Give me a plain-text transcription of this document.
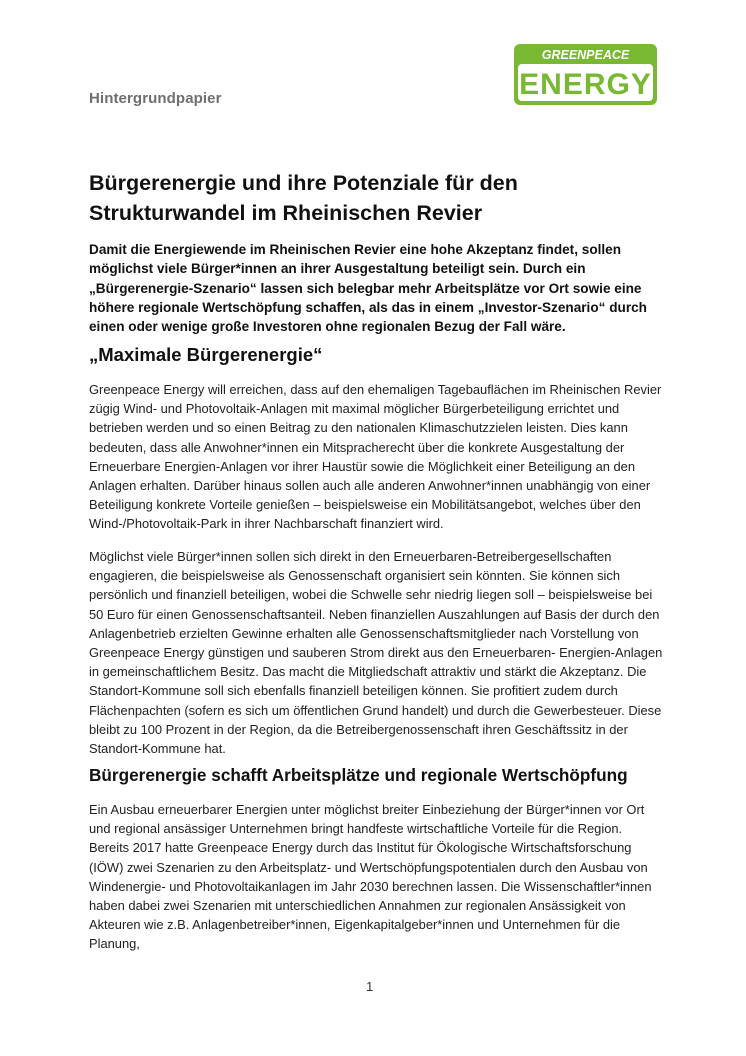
Hintergrundpapier
GREENPEACE
ENERGY
Bürgerenergie und ihre Potenziale für den
Strukturwandel im Rheinischen Revier

Damit die Energiewende im Rheinischen Revier eine hohe Akzeptanz findet, sollen möglichst viele Bürger*innen an ihrer Ausgestaltung beteiligt sein. Durch ein „Bürgerenergie-Szenario“ lassen sich belegbar mehr Arbeitsplätze vor Ort sowie eine höhere regionale Wertschöpfung schaffen, als das in einem „Investor-Szenario“ durch einen oder wenige große Investoren ohne regionalen Bezug der Fall wäre.

„Maximale Bürgerenergie“

Greenpeace Energy will erreichen, dass auf den ehemaligen Tagebauflächen im Rheinischen Revier zügig Wind- und Photovoltaik-Anlagen mit maximal möglicher Bürgerbeteiligung errichtet und betrieben werden und so einen Beitrag zu den nationalen Klimaschutzzielen leisten. Dies kann bedeuten, dass alle Anwohner*innen ein Mitspracherecht über die konkrete Ausgestaltung der Erneuerbare Energien-Anlagen vor ihrer Haustür sowie die Möglichkeit einer Beteiligung an den Anlagen erhalten. Darüber hinaus sollen auch alle anderen Anwohner*innen unabhängig von einer Beteiligung konkrete Vorteile genießen – beispielsweise ein Mobilitätsangebot, welches über den Wind-/Photovoltaik-Park in ihrer Nachbarschaft finanziert wird.

Möglichst viele Bürger*innen sollen sich direkt in den Erneuerbaren-Betreibergesellschaften engagieren, die beispielsweise als Genossenschaft organisiert sein könnten. Sie können sich persönlich und finanziell beteiligen, wobei die Schwelle sehr niedrig liegen soll – beispielsweise bei 50 Euro für einen Genossenschaftsanteil. Neben finanziellen Auszahlungen auf Basis der durch den Anlagenbetrieb erzielten Gewinne erhalten alle Genossenschaftsmitglieder nach Vorstellung von Greenpeace Energy günstigen und sauberen Strom direkt aus den Erneuerbaren- Energien-Anlagen in gemeinschaftlichem Besitz. Das macht die Mitgliedschaft attraktiv und stärkt die Akzeptanz. Die Standort-Kommune soll sich ebenfalls finanziell beteiligen können. Sie profitiert zudem durch Flächenpachten (sofern es sich um öffentlichen Grund handelt) und durch die Gewerbesteuer. Diese bleibt zu 100 Prozent in der Region, da die Betreibergenossenschaft ihren Geschäftssitz in der Standort-Kommune hat.

Bürgerenergie schafft Arbeitsplätze und regionale Wertschöpfung

Ein Ausbau erneuerbarer Energien unter möglichst breiter Einbeziehung der Bürger*innen vor Ort und regional ansässiger Unternehmen bringt handfeste wirtschaftliche Vorteile für die Region. Bereits 2017 hatte Greenpeace Energy durch das Institut für Ökologische Wirtschaftsforschung (IÖW) zwei Szenarien zu den Arbeitsplatz- und Wertschöpfungspotentialen durch den Ausbau von Windenergie- und Photovoltaikanlagen im Jahr 2030 berechnen lassen. Die Wissenschaftler*innen haben dabei zwei Szenarien mit unterschiedlichen Annahmen zur regionalen Ansässigkeit von Akteuren wie z.B. Anlagenbetreiber*innen, Eigenkapitalgeber*innen und Unternehmen für die Planung,

1
